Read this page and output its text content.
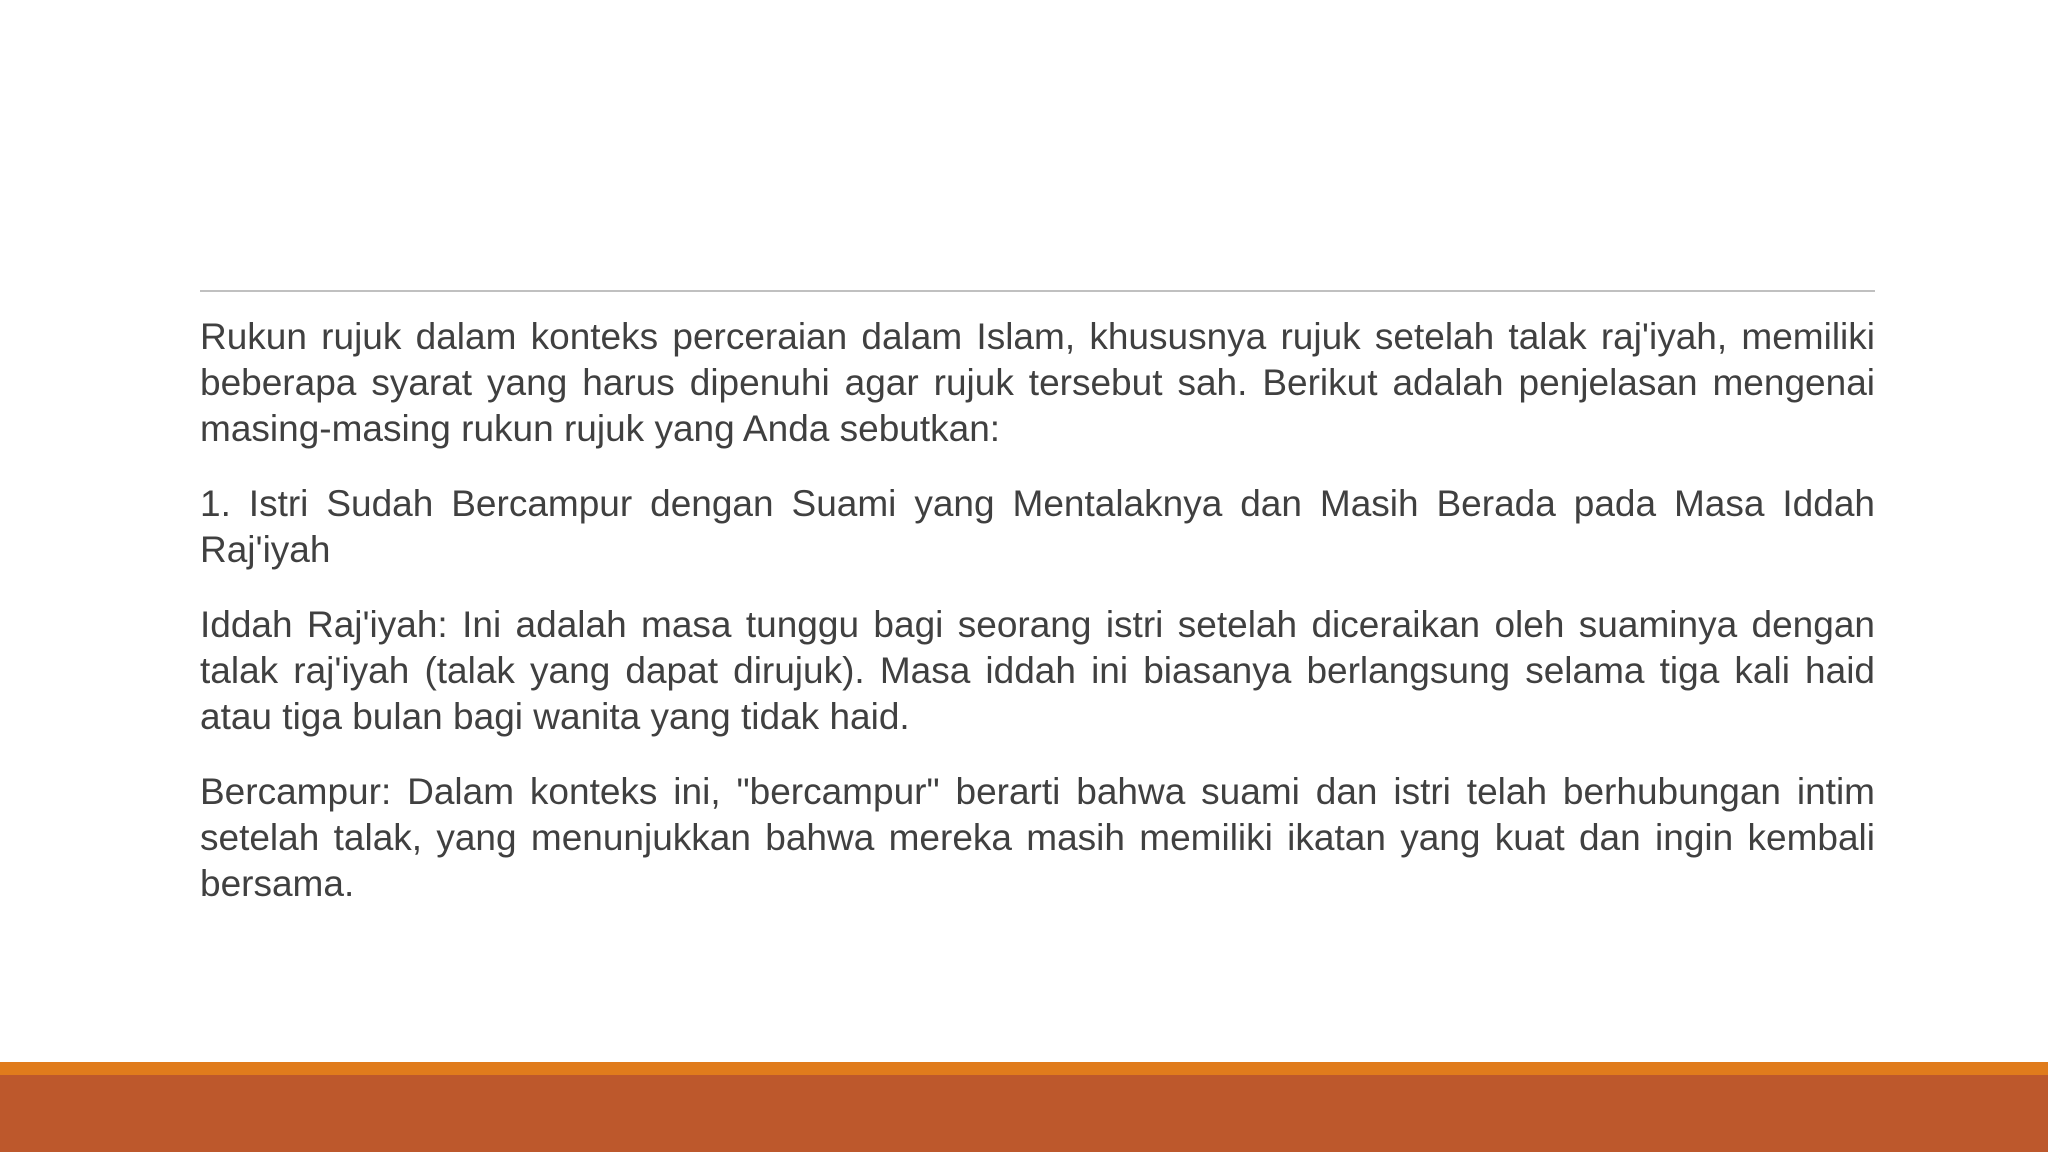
Rukun rujuk dalam konteks perceraian dalam Islam, khususnya rujuk setelah talak raj'iyah, memiliki beberapa syarat yang harus dipenuhi agar rujuk tersebut sah. Berikut adalah penjelasan mengenai masing-masing rukun rujuk yang Anda sebutkan:

1. Istri Sudah Bercampur dengan Suami yang Mentalaknya dan Masih Berada pada Masa Iddah Raj'iyah

Iddah Raj'iyah: Ini adalah masa tunggu bagi seorang istri setelah diceraikan oleh suaminya dengan talak raj'iyah (talak yang dapat dirujuk). Masa iddah ini biasanya berlangsung selama tiga kali haid atau tiga bulan bagi wanita yang tidak haid.

Bercampur: Dalam konteks ini, "bercampur" berarti bahwa suami dan istri telah berhubungan intim setelah talak, yang menunjukkan bahwa mereka masih memiliki ikatan yang kuat dan ingin kembali bersama.
